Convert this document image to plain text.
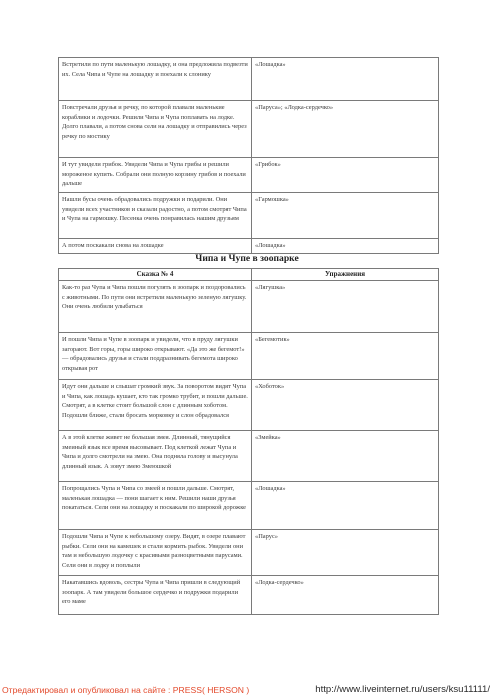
Встретили по пути маленькую лошадку, и она предложила подвезти их. Села Чипа и Чупе на лошадку и поехали к слонику	«Лошадка»
Повстречали друзья и речку, по которой плавали маленькие кораблики и лодочки. Решили Чипа и Чупа поплавать на лодке. Долго плавали, а потом снова сели на лошадку и отправились через речку по мостику	«Паруса»; «Лодка-сердечко»
И тут увидели грибок. Увидели Чипа и Чупа грибы и решили мороженое купить. Собрали они полную корзину грибов и поехали дальше	«Грибок»
Нашли бусы очень обрадовались подружки и подарили. Они увидели всех участников и сказали радостно, а потом смотрят Чипа и Чупа на гармошку. Песенка очень понравилась нашим друзьям	«Гармошка»
А потом поскакали снова на лошадке	«Лошадка»
Чипа и Чупе в зоопарке
Сказка № 4	Упражнения
Как-то раз Чупа и Чипа пошли погулять в зоопарк и поздоровались с животными. По пути они встретили маленькую зеленую лягушку. Они очень любили улыбаться	«Лягушка»
И пошли Чипа и Чупе в зоопарк и увидели, что в пруду лягушки загорают. Вот горы, горы широко открывают. «Да это же бегемот!» — обрадовались друзья и стали поддразнивать бегемота широко открывая рот	«Бегемотик»
Идут они дальше и слышат громкий звук. За поворотом видят Чупа и Чипа, как лошадь кушает, кто так громко трубит, и пошли дальше. Смотрят, а в клетке стоит большой слон с длинным хоботом. Подошли ближе, стали бросать морковку и слон обрадовался	«Хоботок»
А в этой клетке живет не большая змея. Длинный, тянущийся змеиный язык все время высовывает. Под клеткой лежат Чупа и Чипа и долго смотрели на змею. Она подняла голову и высунула длинный язык. А зовут змею Змеюшкой	«Змейка»
Попрощались Чупа и Чипа со змеей и пошли дальше. Смотрят, маленькая лошадка — пони шагает к ним. Решили наши друзья покататься. Сели они на лошадку и поскакали по широкой дорожке	«Лошадка»
Подошли Чипа и Чупе к небольшому озеру. Видят, в озере плавают рыбки. Сели они на камешек и стали кормить рыбок. Увидели они там и небольшую лодочку с красивыми разноцветными парусами. Сели они в лодку и поплыли	«Парус»
Накатавшись вдоволь, сестры Чупа и Чипа пришли в следующий зоопарк. А там увидели большое сердечко и подружки подарили его маме	«Лодка-сердечко»
Отредактировал и опубликовал на сайте : PRESS( HERSON )	http://www.liveinternet.ru/users/ksu11111/
